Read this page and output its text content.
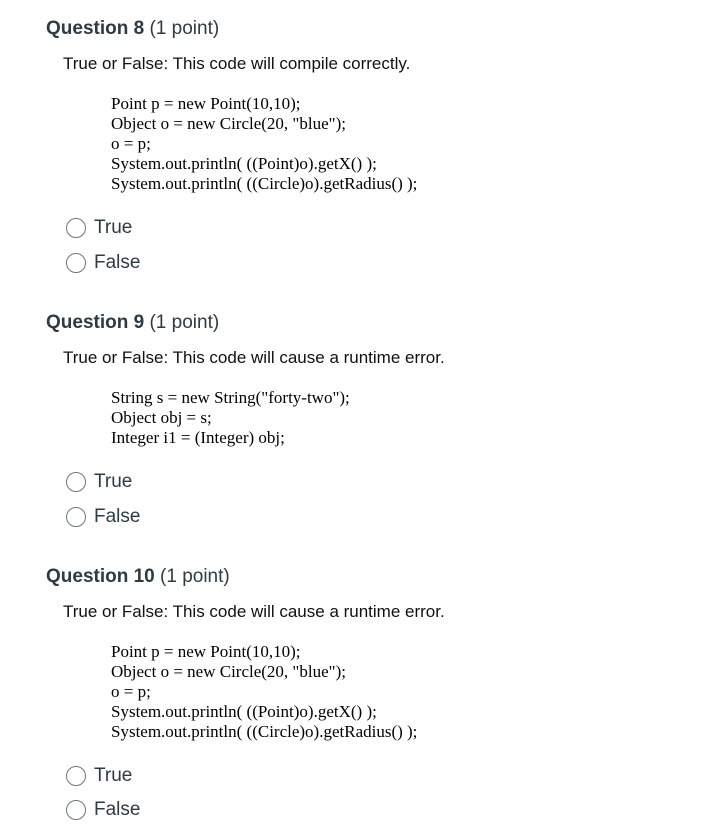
Question 8 (1 point)
True or False: This code will compile correctly.
Point p = new Point(10,10);
Object o = new Circle(20, "blue");
o = p;
System.out.println( ((Point)o).getX() );
System.out.println( ((Circle)o).getRadius() );
True
False
Question 9 (1 point)
True or False: This code will cause a runtime error.
String s = new String("forty-two");
Object obj = s;
Integer i1 = (Integer) obj;
True
False
Question 10 (1 point)
True or False: This code will cause a runtime error.
Point p = new Point(10,10);
Object o = new Circle(20, "blue");
o = p;
System.out.println( ((Point)o).getX() );
System.out.println( ((Circle)o).getRadius() );
True
False
